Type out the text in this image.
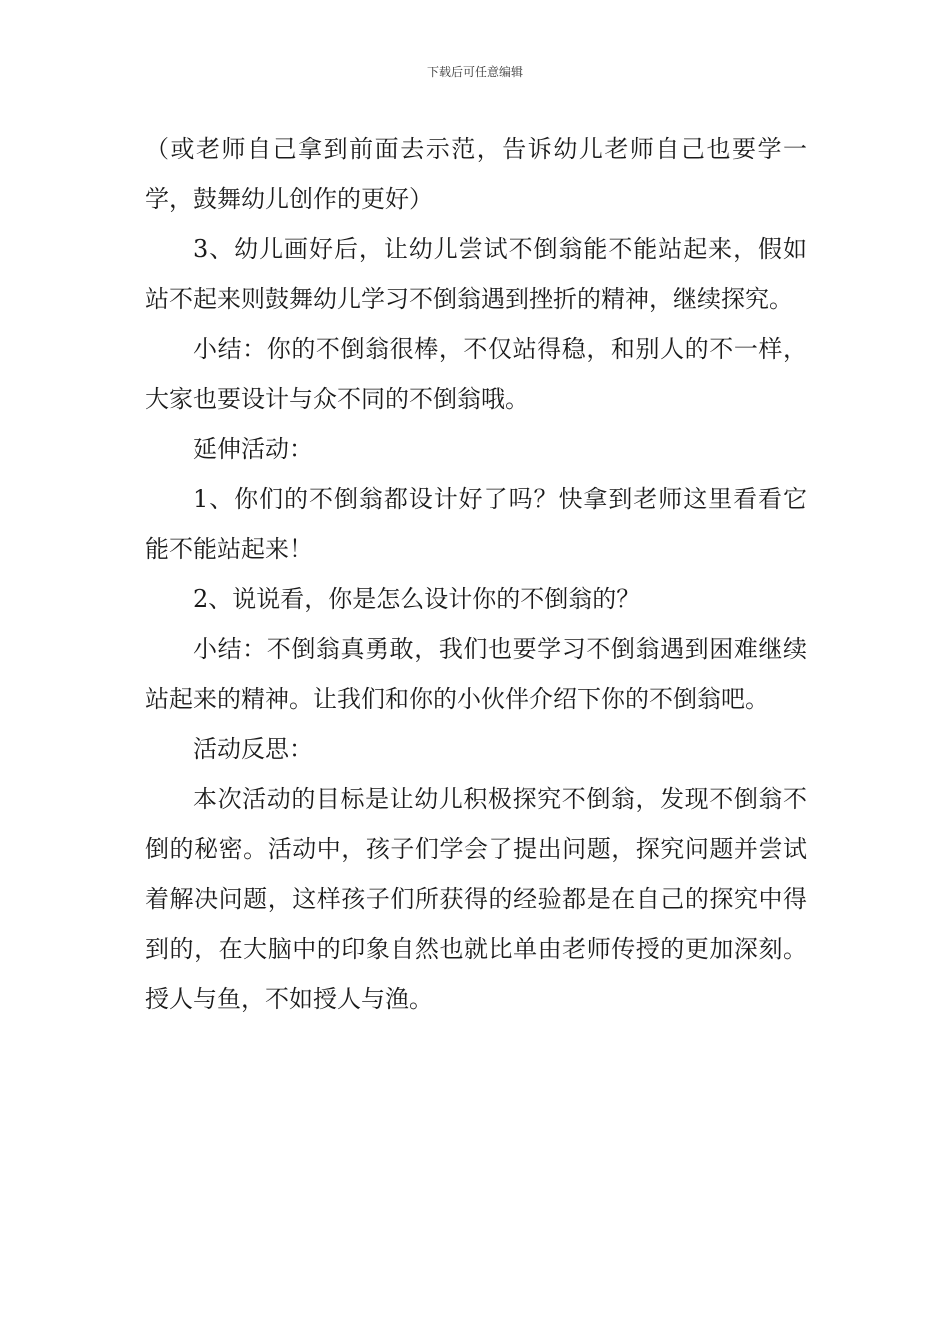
下载后可任意编辑

（或老师自己拿到前面去示范，告诉幼儿老师自己也要学一学，鼓舞幼儿创作的更好）

3、幼儿画好后，让幼儿尝试不倒翁能不能站起来，假如站不起来则鼓舞幼儿学习不倒翁遇到挫折的精神，继续探究。

小结：你的不倒翁很棒，不仅站得稳，和别人的不一样，大家也要设计与众不同的不倒翁哦。

延伸活动：

1、你们的不倒翁都设计好了吗？快拿到老师这里看看它能不能站起来！

2、说说看，你是怎么设计你的不倒翁的？

小结：不倒翁真勇敢，我们也要学习不倒翁遇到困难继续站起来的精神。让我们和你的小伙伴介绍下你的不倒翁吧。

活动反思：

本次活动的目标是让幼儿积极探究不倒翁，发现不倒翁不倒的秘密。活动中，孩子们学会了提出问题，探究问题并尝试着解决问题，这样孩子们所获得的经验都是在自己的探究中得到的，在大脑中的印象自然也就比单由老师传授的更加深刻。授人与鱼，不如授人与渔。
